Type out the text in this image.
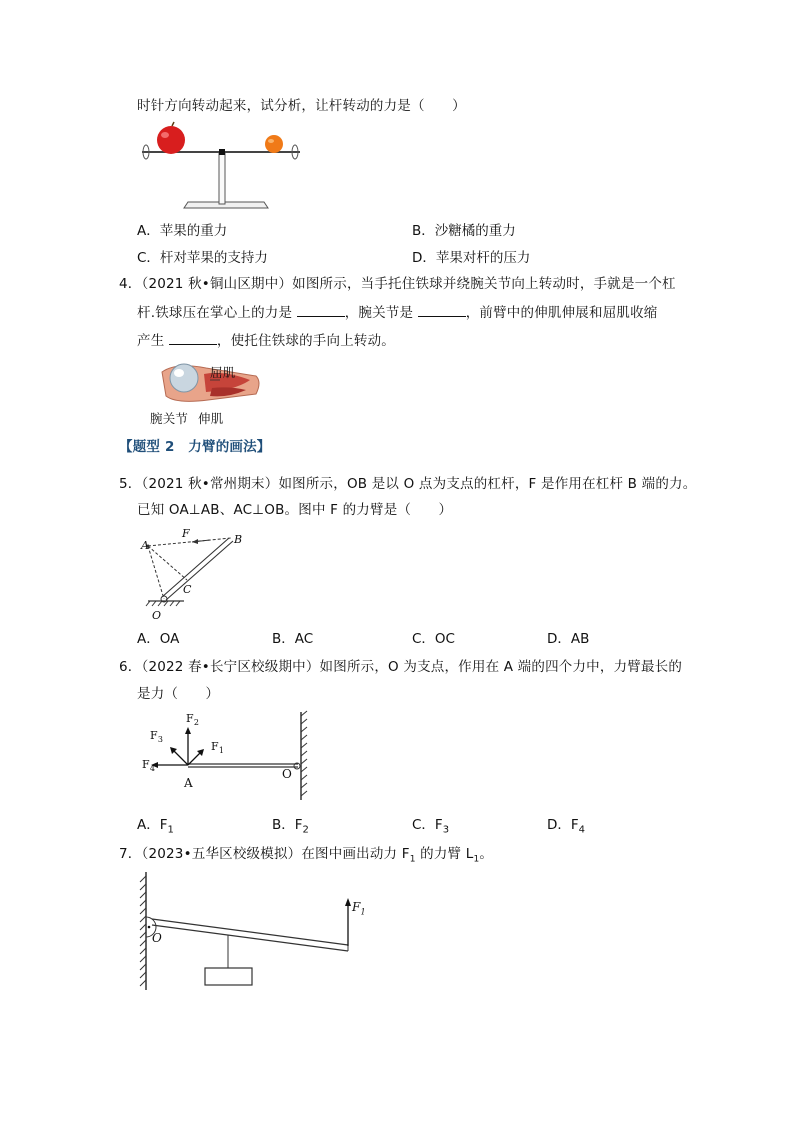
时针方向转动起来，试分析，让杆转动的力是（　　）
A．苹果的重力	B．沙糖橘的重力
C．杆对苹果的支持力	D．苹果对杆的压力
4．（2021 秋•铜山区期中）如图所示，当手托住铁球并绕腕关节向上转动时，手就是一个杠
杆.铁球压在掌心上的力是	，腕关节是	，前臂中的伸肌伸展和屈肌收缩
产生	，使托住铁球的手向上转动。
屈肌
腕关节 伸肌
【题型 2　力臂的画法】
5．（2021 秋•常州期末）如图所示，OB 是以 O 点为支点的杠杆，F 是作用在杠杆 B 端的力。
已知 OA⊥AB、AC⊥OB。图中 F 的力臂是（　　）
A	B
C
O
F
A．OA	B．AC	C．OC	D．AB
6．（2022 春•长宁区校级期中）如图所示，O 为支点，作用在 A 端的四个力中，力臂最长的
是力（　　）
$F_2$
$F_3$
$F_1$
$F_4$
A
O
A．$F_1$	B．$F_2$	C．$F_3$	D．$F_4$
7．（2023•五华区校级模拟）在图中画出动力 $F_1$ 的力臂 $L_1$。
$F_1$
O
